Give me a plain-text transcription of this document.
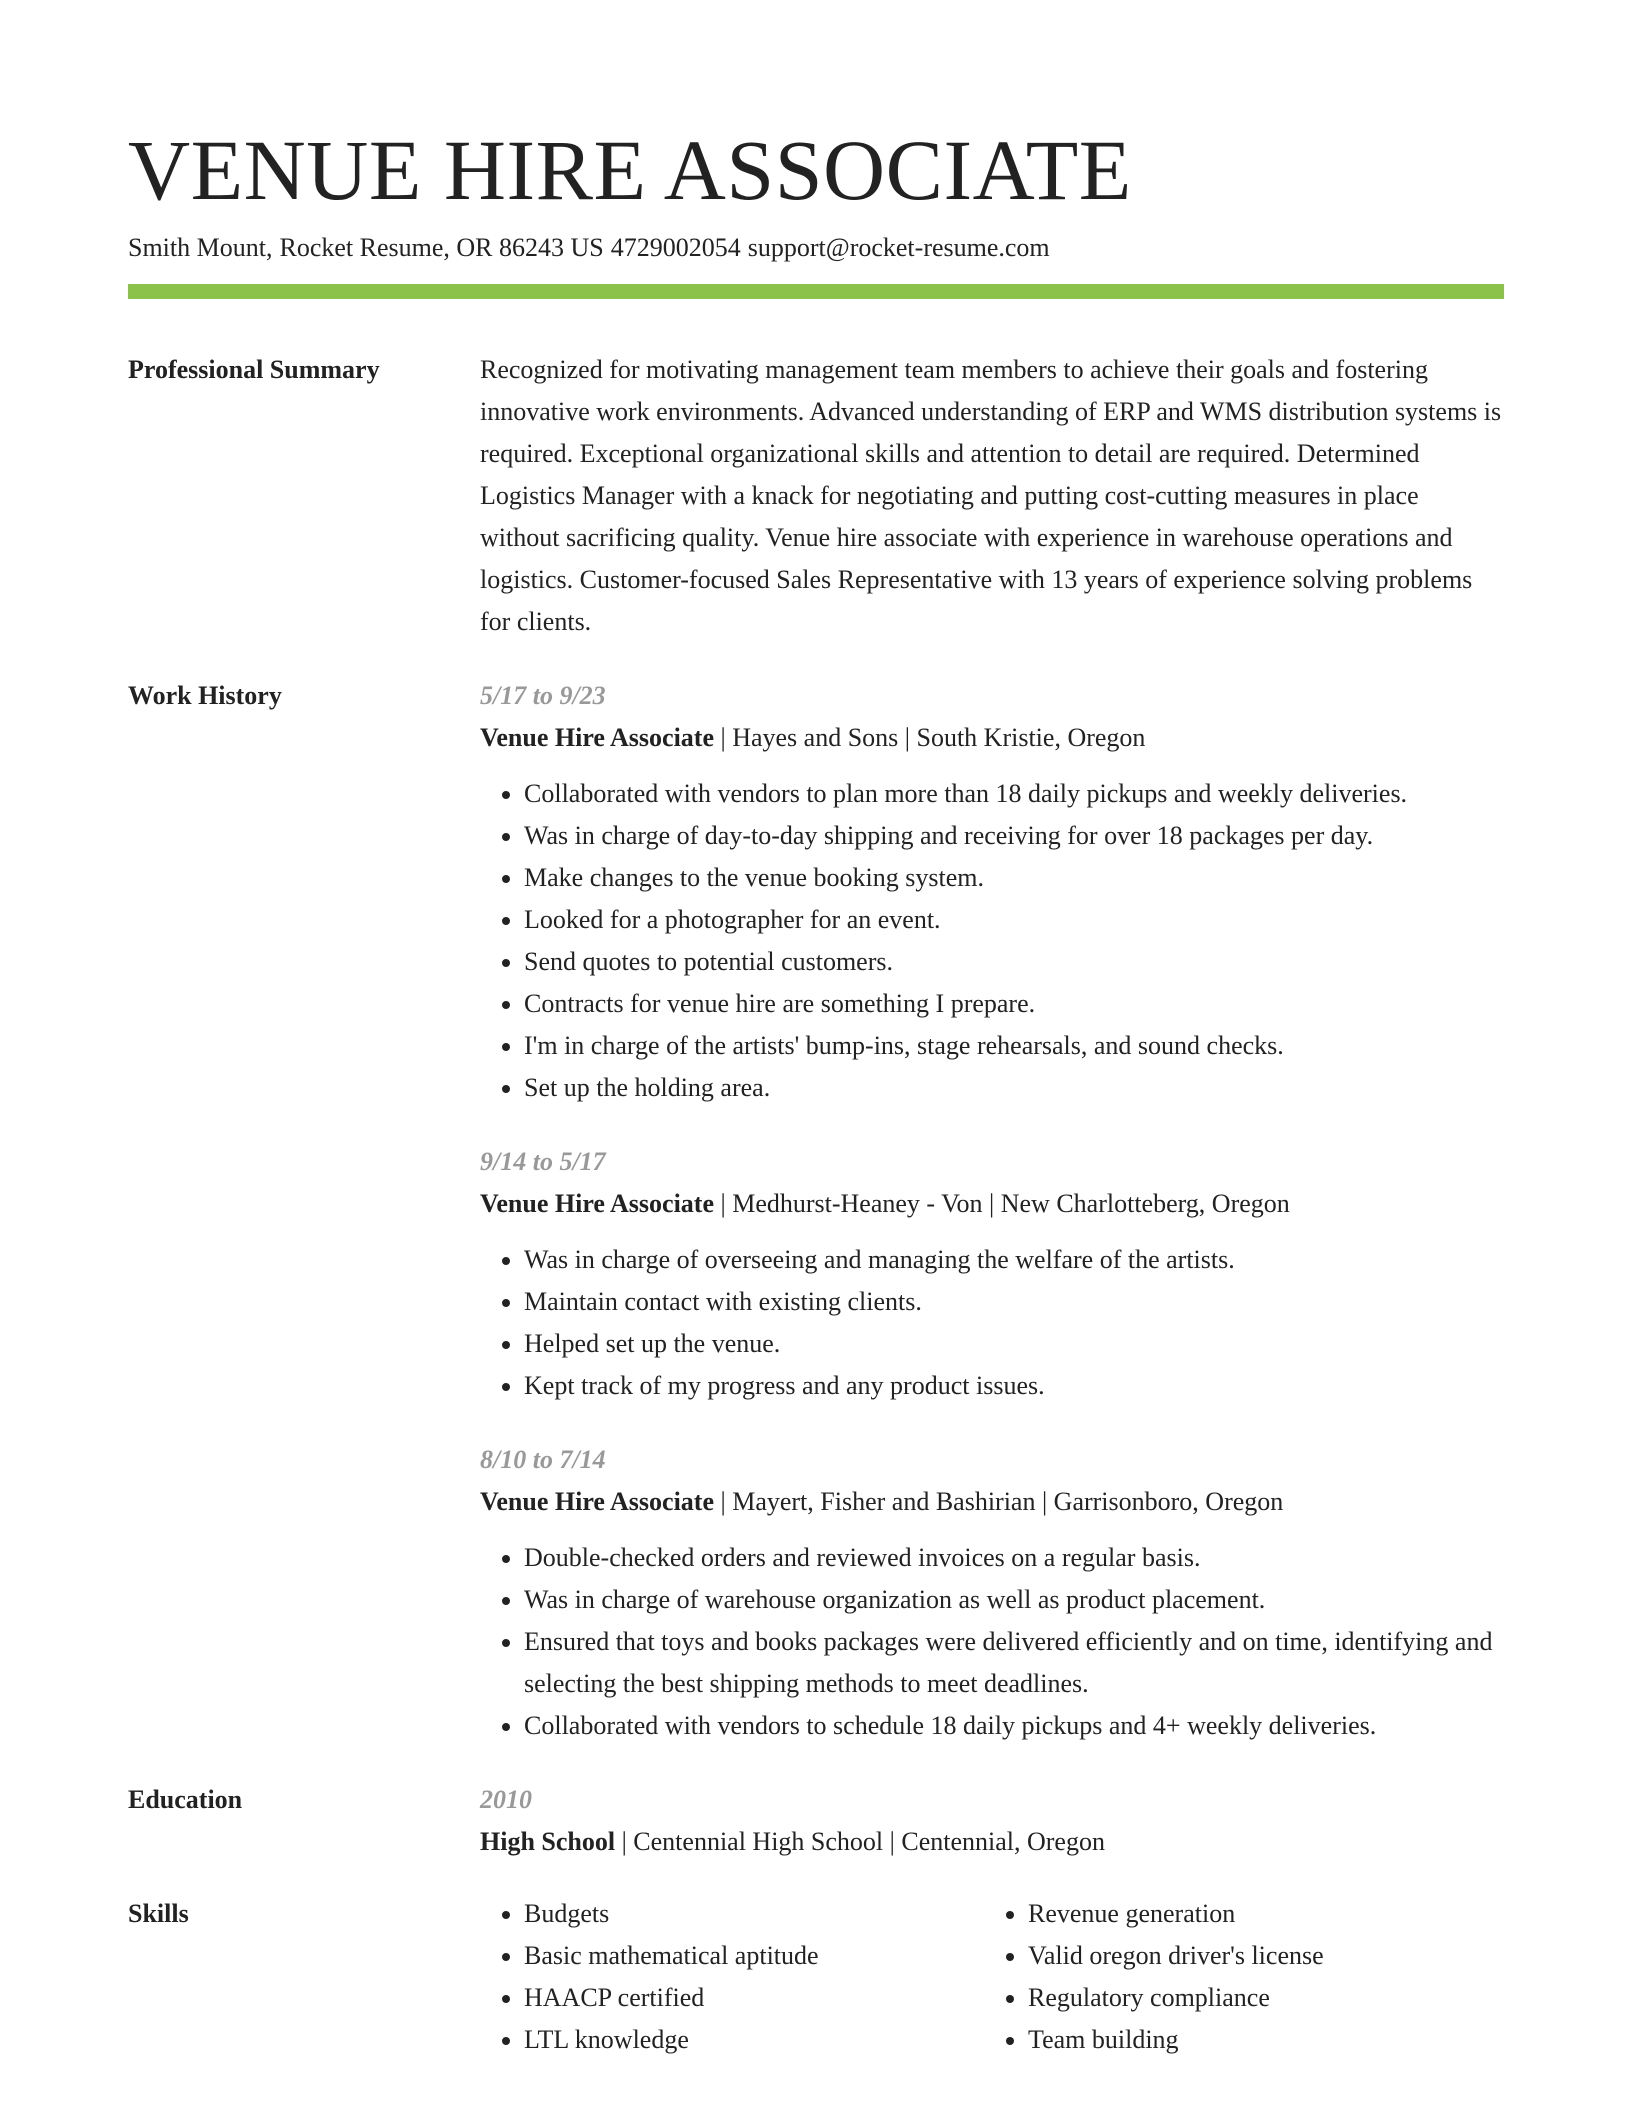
VENUE HIRE ASSOCIATE
Smith Mount, Rocket Resume, OR 86243 US 4729002054 support@rocket-resume.com
Professional Summary	Recognized for motivating management team members to achieve their goals and fostering innovative work environments. Advanced understanding of ERP and WMS distribution systems is required. Exceptional organizational skills and attention to detail are required. Determined Logistics Manager with a knack for negotiating and putting cost-cutting measures in place without sacrificing quality. Venue hire associate with experience in warehouse operations and logistics. Customer-focused Sales Representative with 13 years of experience solving problems for clients.

Work History	5/17 to 9/23
Venue Hire Associate | Hayes and Sons | South Kristie, Oregon
• Collaborated with vendors to plan more than 18 daily pickups and weekly deliveries.
• Was in charge of day-to-day shipping and receiving for over 18 packages per day.
• Make changes to the venue booking system.
• Looked for a photographer for an event.
• Send quotes to potential customers.
• Contracts for venue hire are something I prepare.
• I'm in charge of the artists' bump-ins, stage rehearsals, and sound checks.
• Set up the holding area.
9/14 to 5/17
Venue Hire Associate | Medhurst-Heaney - Von | New Charlotteberg, Oregon
• Was in charge of overseeing and managing the welfare of the artists.
• Maintain contact with existing clients.
• Helped set up the venue.
• Kept track of my progress and any product issues.
8/10 to 7/14
Venue Hire Associate | Mayert, Fisher and Bashirian | Garrisonboro, Oregon
• Double-checked orders and reviewed invoices on a regular basis.
• Was in charge of warehouse organization as well as product placement.
• Ensured that toys and books packages were delivered efficiently and on time, identifying and selecting the best shipping methods to meet deadlines.
• Collaborated with vendors to schedule 18 daily pickups and 4+ weekly deliveries.
Education	2010
High School | Centennial High School | Centennial, Oregon
Skills
•	Budgets
• Basic mathematical aptitude
• HAACP certified
• LTL knowledge
• Revenue generation
• Valid oregon driver's license
• Regulatory compliance
• Team building
